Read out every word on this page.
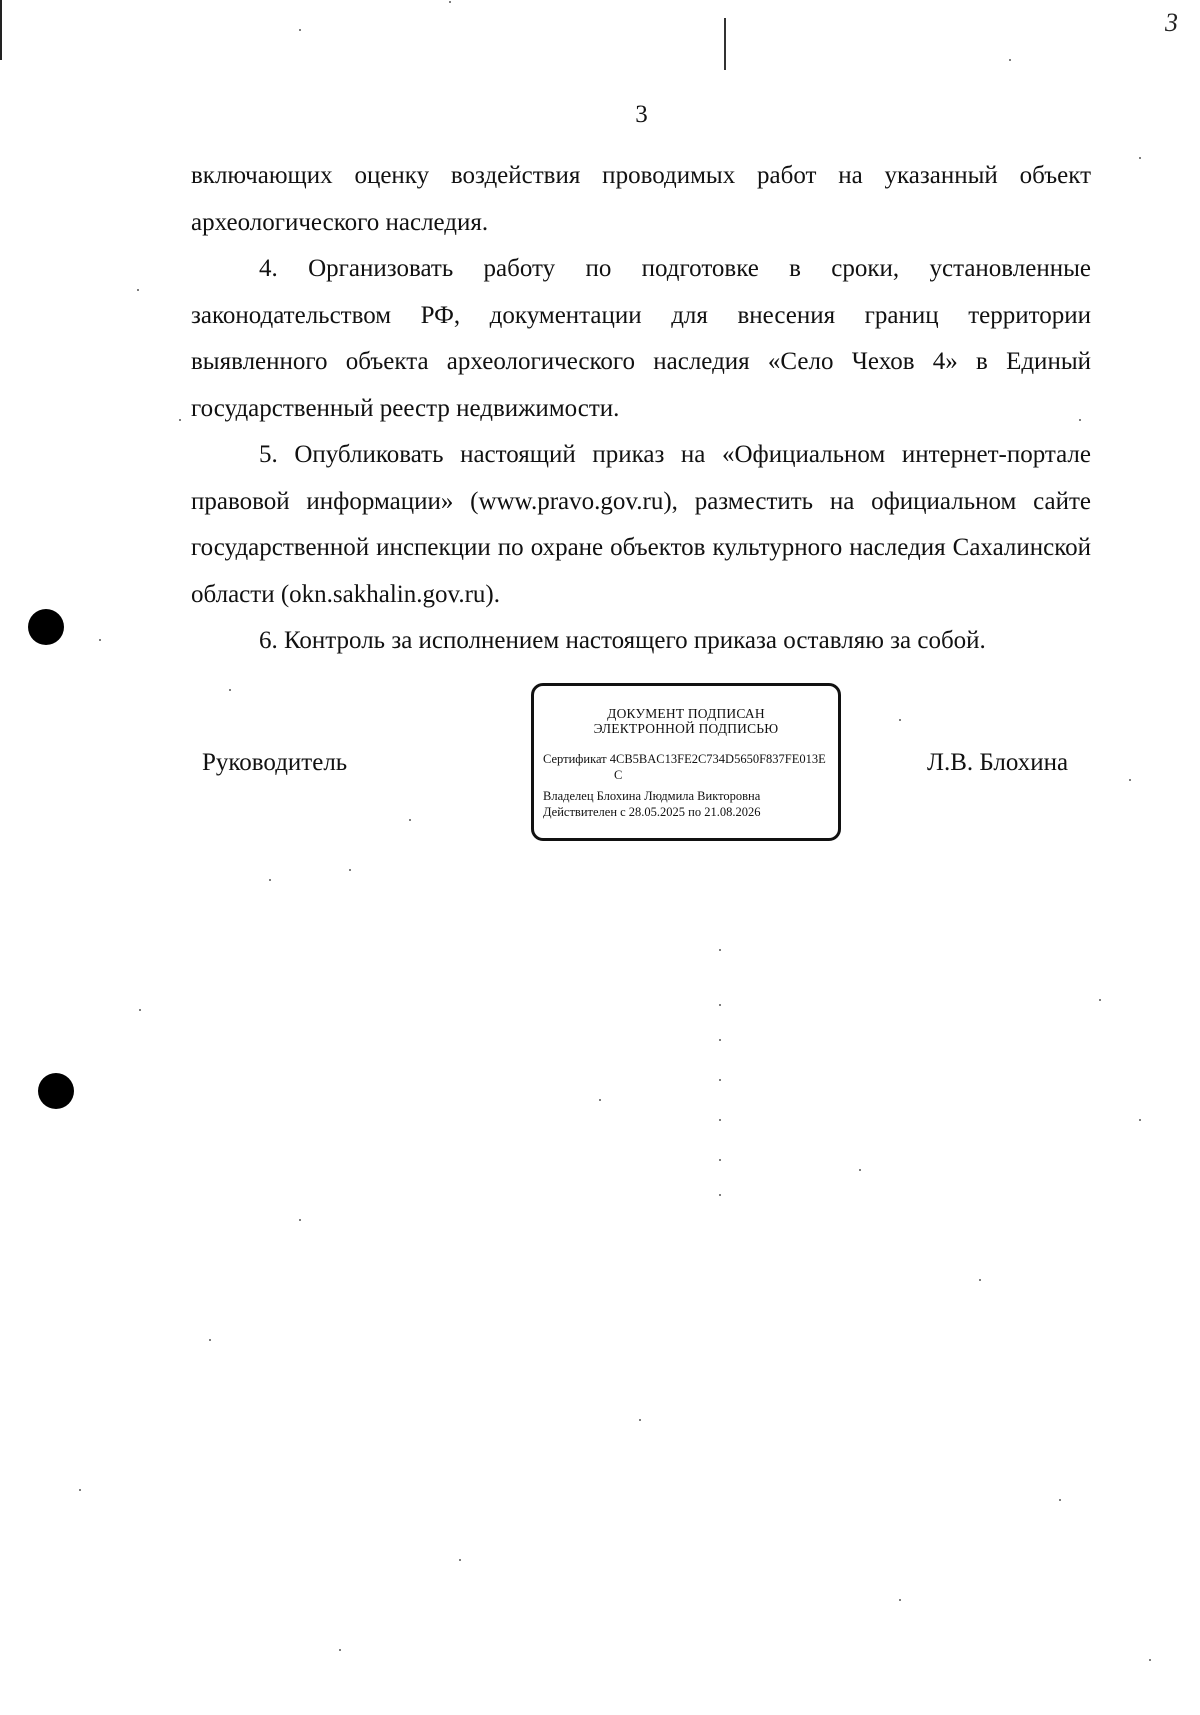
3
3

включающих оценку воздействия проводимых работ на указанный объект археологического наследия.

4. Организовать работу по подготовке в сроки, установленные законодательством РФ, документации для внесения границ территории выявленного объекта археологического наследия «Село Чехов 4» в Единый государственный реестр недвижимости.

5. Опубликовать настоящий приказ на «Официальном интернет-портале правовой информации» (www.pravo.gov.ru), разместить на официальном сайте государственной инспекции по охране объектов культурного наследия Сахалинской области (okn.sakhalin.gov.ru).

6. Контроль за исполнением настоящего приказа оставляю за собой.

Руководитель
ДОКУМЕНТ ПОДПИСАН
ЭЛЕКТРОННОЙ ПОДПИСЬЮ
Сертификат 4CB5BAC13FE2C734D5650F837FE013E
C
Владелец Блохина Людмила Викторовна
Действителен с 28.05.2025 по 21.08.2026
Л.В. Блохина
